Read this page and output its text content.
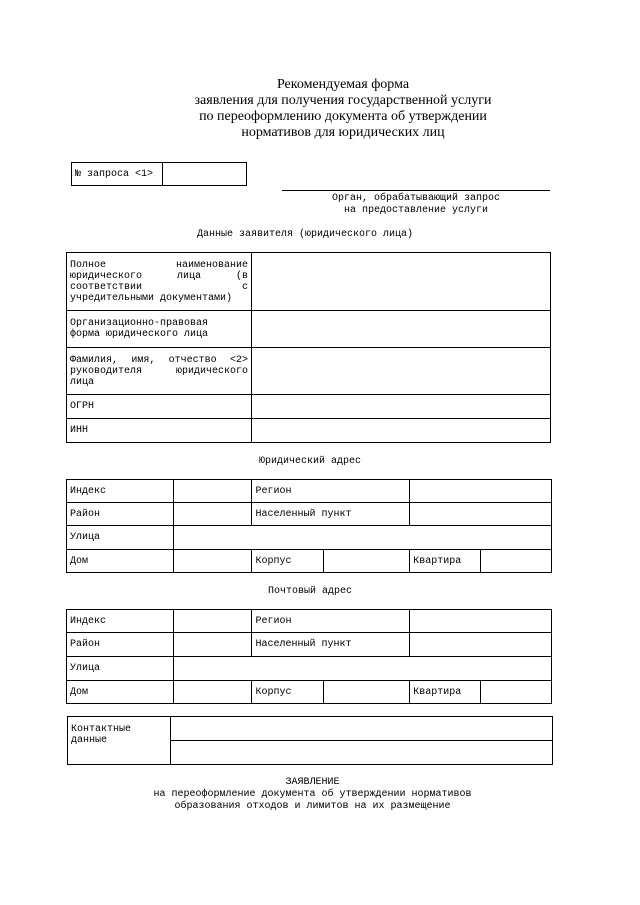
Рекомендуемая форма
заявления для получения государственной услуги
по переоформлению документа об утверждении
нормативов для юридических лиц
№ запроса <1>	
Орган, обрабатывающий запрос
на предоставление услуги
Данные заявителя (юридического лица)
Полное наименование
юридического лица (в
соответствии с
учредительными документами)	

Организационно-правовая
форма юридического лица	

Фамилия, имя, отчество <2>
руководителя юридического
лица	
ОГРН	
ИНН	
Юридический адрес
Индекс		Регион			
Район		Населенный пункт			
Улица					
Дом		Корпус		Квартира	
Почтовый адрес
Индекс		Регион			
Район		Населенный пункт			
Улица					
Дом		Корпус		Квартира	
Контактные
данные

ЗАЯВЛЕНИЕ
на переоформление документа об утверждении нормативов
образования отходов и лимитов на их размещение
